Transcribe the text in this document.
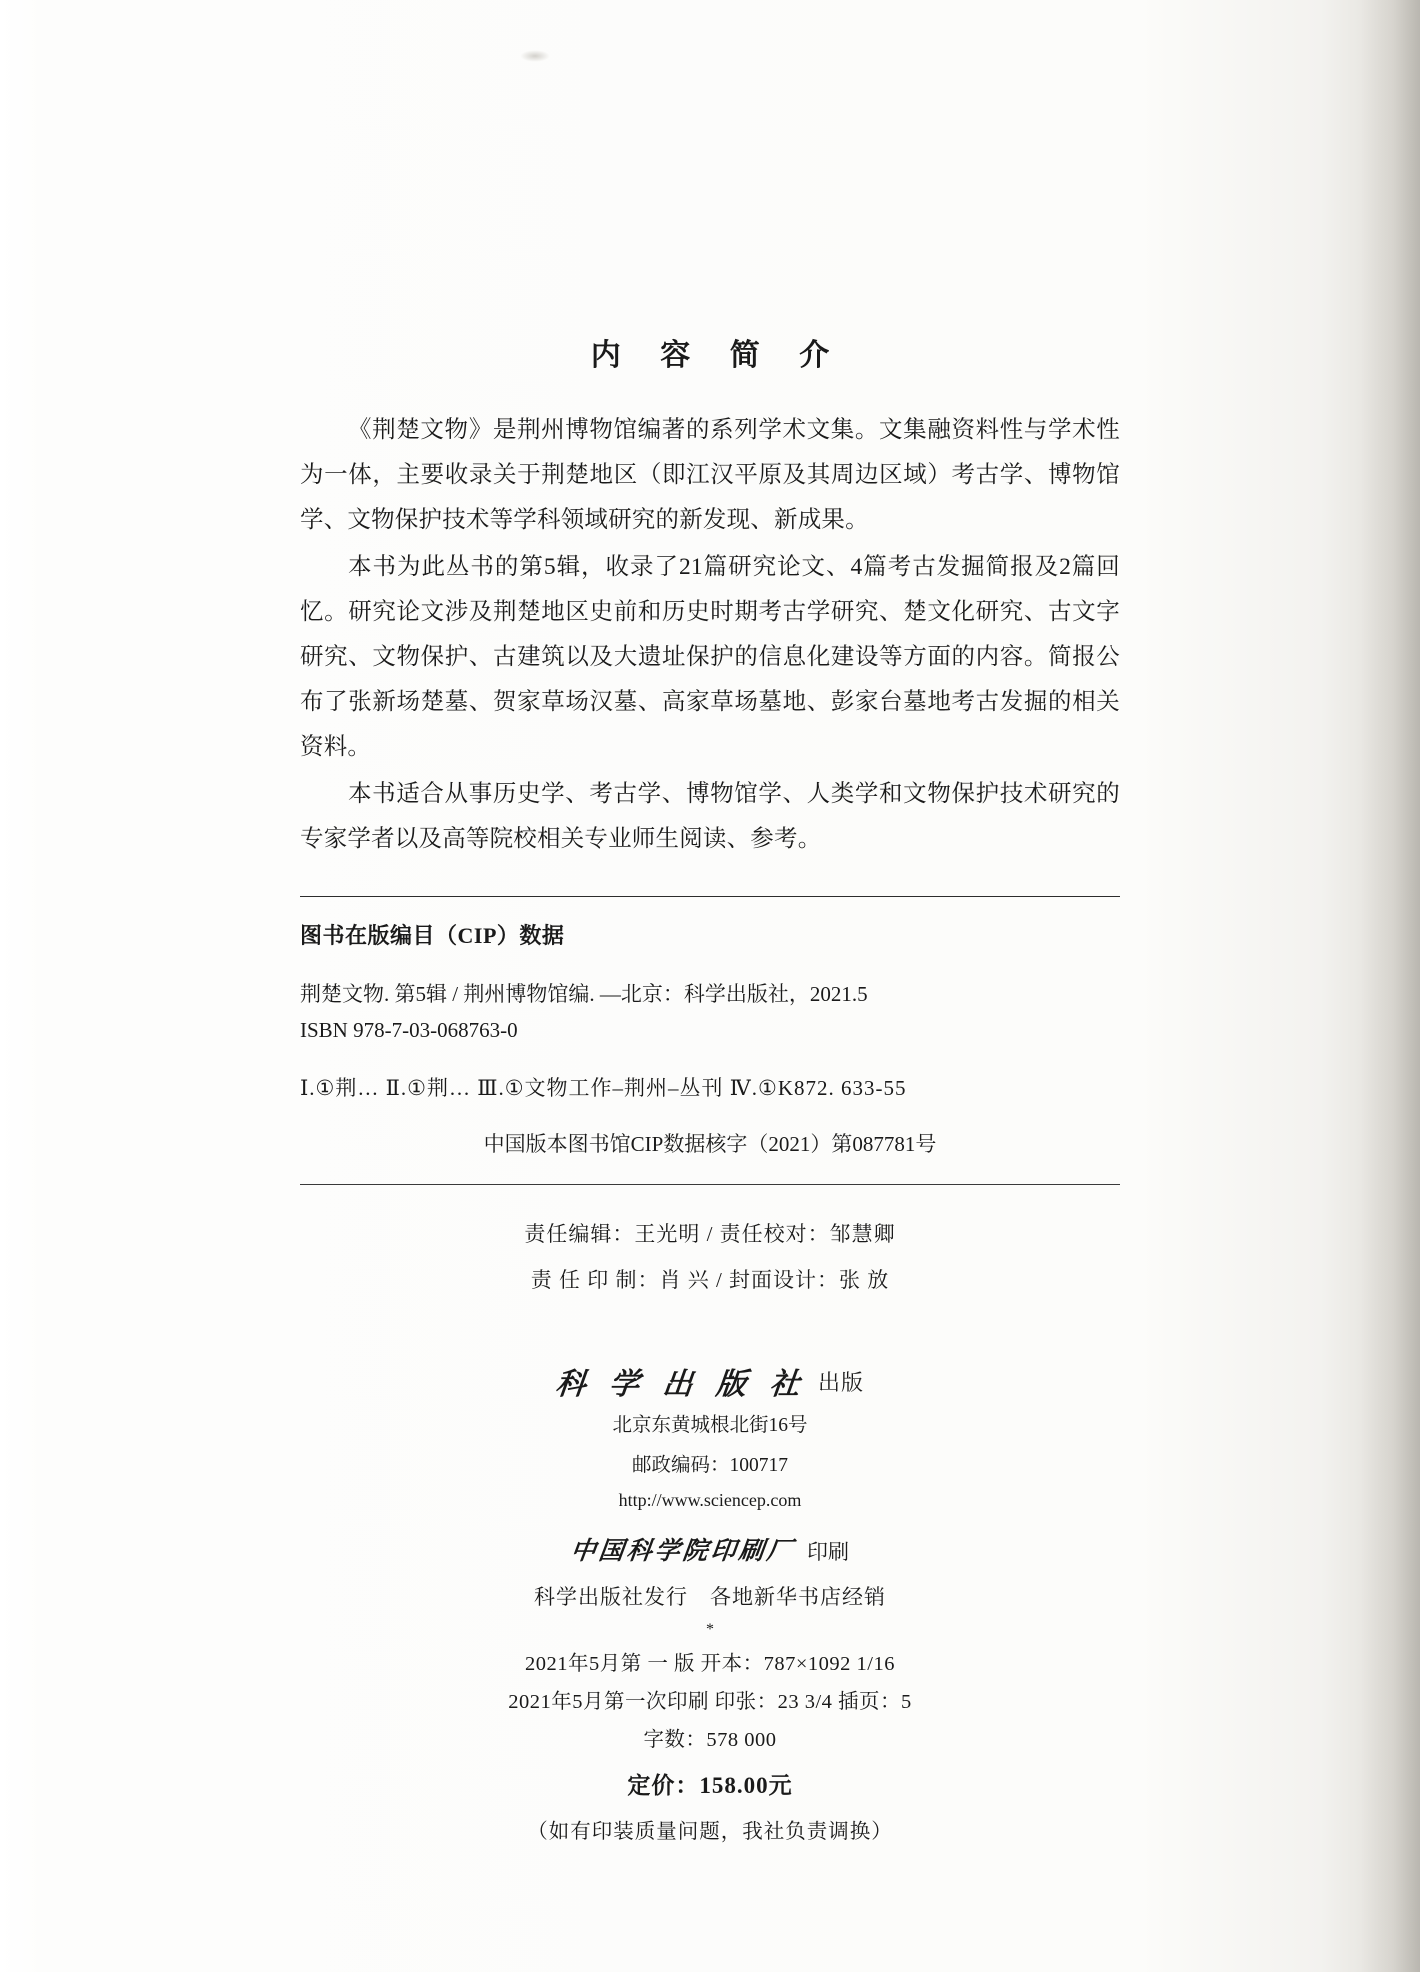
内 容 简 介

《荆楚文物》是荆州博物馆编著的系列学术文集。文集融资料性与学术性为一体，主要收录关于荆楚地区（即江汉平原及其周边区域）考古学、博物馆学、文物保护技术等学科领域研究的新发现、新成果。

本书为此丛书的第5辑，收录了21篇研究论文、4篇考古发掘简报及2篇回忆。研究论文涉及荆楚地区史前和历史时期考古学研究、楚文化研究、古文字研究、文物保护、古建筑以及大遗址保护的信息化建设等方面的内容。简报公布了张新场楚墓、贺家草场汉墓、高家草场墓地、彭家台墓地考古发掘的相关资料。

本书适合从事历史学、考古学、博物馆学、人类学和文物保护技术研究的专家学者以及高等院校相关专业师生阅读、参考。

图书在版编目（CIP）数据

荆楚文物. 第5辑 / 荆州博物馆编. —北京：科学出版社，2021.5

ISBN 978-7-03-068763-0

Ⅰ.①荆… Ⅱ.①荆… Ⅲ.①文物工作–荆州–丛刊 Ⅳ.①K872. 633-55
中国版本图书馆CIP数据核字（2021）第087781号
责任编辑：王光明 / 责任校对：邹慧卿
责 任 印 制：肖 兴 / 封面设计：张 放
科 学 出 版 社 出版

北京东黄城根北街16号

邮政编码：100717

http://www.sciencep.com

中国科学院印刷厂 印刷
科学出版社发行　各地新华书店经销
*
2021年5月第 一 版 开本：787×1092 1/16
2021年5月第一次印刷 印张：23 3/4 插页：5
字数：578 000
定价：158.00元
（如有印装质量问题，我社负责调换）
